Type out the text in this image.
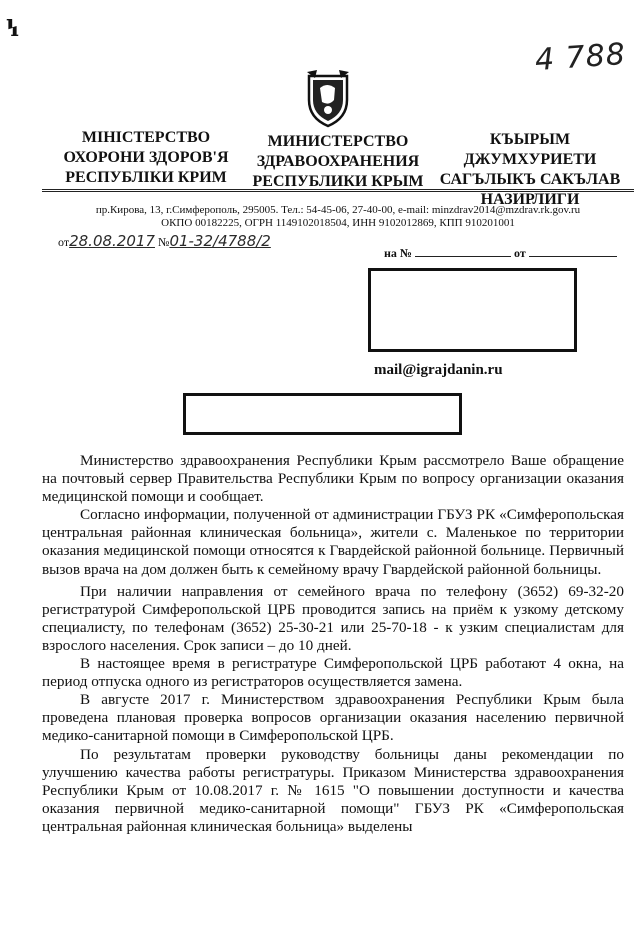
ꝇ
4 788
МІНІСТЕРСТВО
ОХОРОНИ ЗДОРОВ'Я
РЕСПУБЛІКИ КРИМ
МИНИСТЕРСТВО
ЗДРАВООХРАНЕНИЯ
РЕСПУБЛИКИ КРЫМ
КЪЫРЫМ
ДЖУМХУРИЕТИ
САГЪЛЫКЪ САКЪЛАВ
НАЗИРЛИГИ
пр.Кирова, 13, г.Симферополь, 295005. Тел.: 54-45-06, 27-40-00, e-mail: minzdrav2014@mzdrav.rk.gov.ru
ОКПО 00182225, ОГРН 1149102018504, ИНН 9102012869, КПП 910201001
от28.08.2017 №01-32/4788/2
на №	от
mail@igrajdanin.ru

Министерство здравоохранения Республики Крым рассмотрело Ваше обращение на почтовый сервер Правительства Республики Крым по вопросу организации оказания медицинской помощи и сообщает.

Согласно информации, полученной от администрации ГБУЗ РК «Симферопольская центральная районная клиническая больница», жители с. Маленькое по территории оказания медицинской помощи относятся к Гвардейской районной больнице. Первичный вызов врача на дом должен быть к семейному врачу Гвардейской районной больницы.

При наличии направления от семейного врача по телефону (3652) 69-32-20 регистратурой Симферопольской ЦРБ проводится запись на приём к узкому детскому специалисту, по телефонам (3652) 25-30-21 или 25-70-18 - к узким специалистам для взрослого населения. Срок записи – до 10 дней.

В настоящее время в регистратуре Симферопольской ЦРБ работают 4 окна, на период отпуска одного из регистраторов осуществляется замена.

В августе 2017 г. Министерством здравоохранения Республики Крым была проведена плановая проверка вопросов организации оказания населению первичной медико-санитарной помощи в Симферопольской ЦРБ.

По результатам проверки руководству больницы даны рекомендации по улучшению качества работы регистратуры. Приказом Министерства здравоохранения Республики Крым от 10.08.2017 г. № 1615 "О повышении доступности и качества оказания первичной медико-санитарной помощи" ГБУЗ РК «Симферопольская центральная районная клиническая больница» выделены
